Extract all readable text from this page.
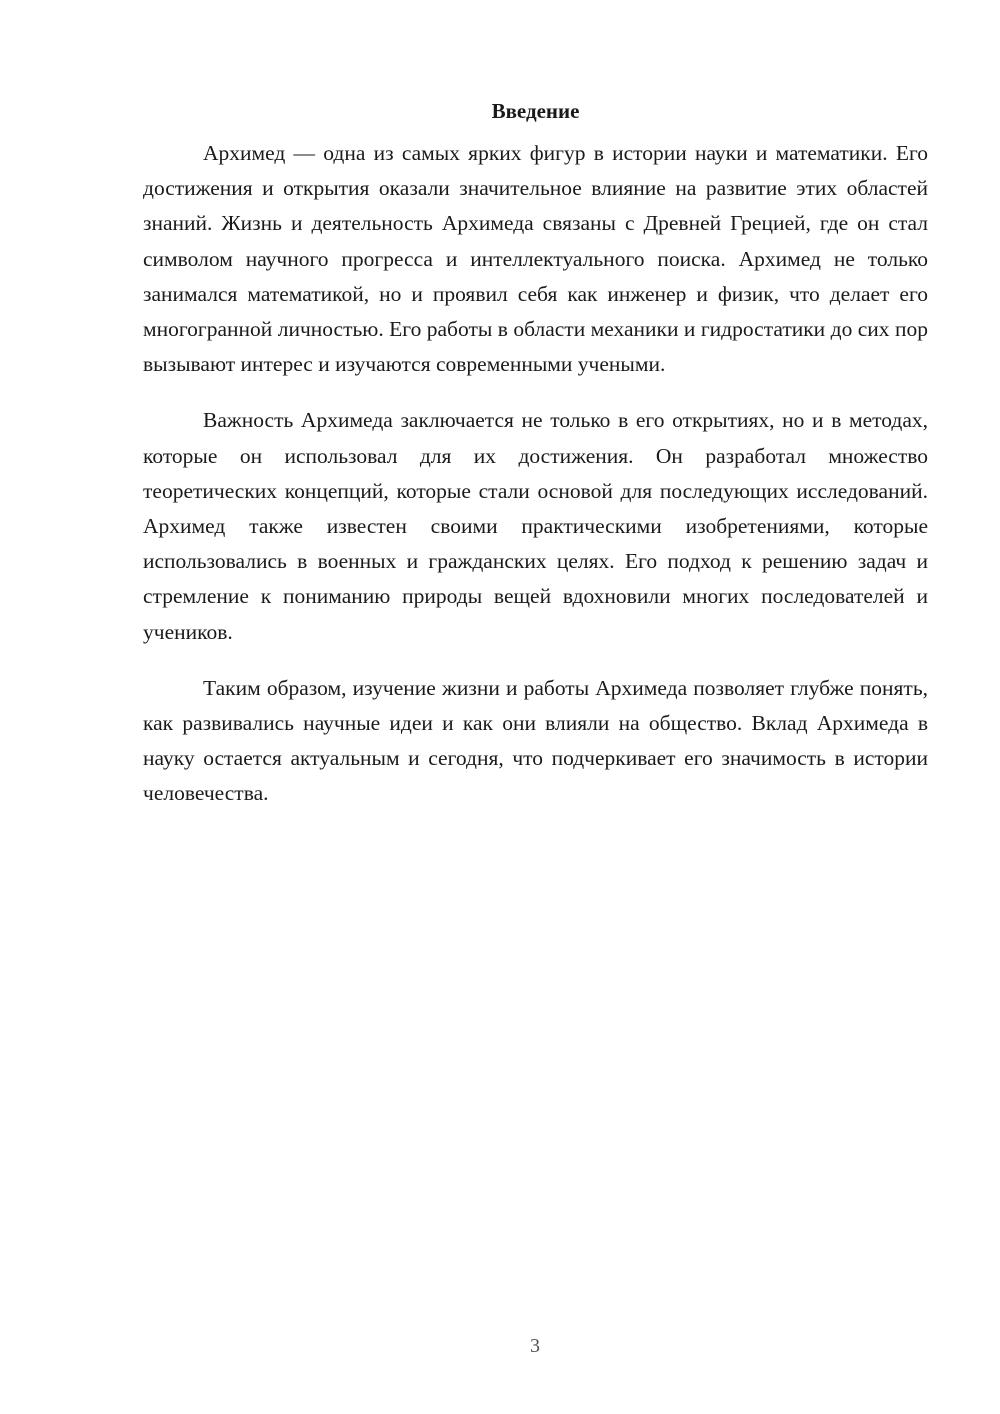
Введение

Архимед — одна из самых ярких фигур в истории науки и математики. Его достижения и открытия оказали значительное влияние на развитие этих областей знаний. Жизнь и деятельность Архимеда связаны с Древней Грецией, где он стал символом научного прогресса и интеллектуального поиска. Архимед не только занимался математикой, но и проявил себя как инженер и физик, что делает его многогранной личностью. Его работы в области механики и гидростатики до сих пор вызывают интерес и изучаются современными учеными.

Важность Архимеда заключается не только в его открытиях, но и в методах, которые он использовал для их достижения. Он разработал множество теоретических концепций, которые стали основой для последующих исследований. Архимед также известен своими практическими изобретениями, которые использовались в военных и гражданских целях. Его подход к решению задач и стремление к пониманию природы вещей вдохновили многих последователей и учеников.

Таким образом, изучение жизни и работы Архимеда позволяет глубже понять, как развивались научные идеи и как они влияли на общество. Вклад Архимеда в науку остается актуальным и сегодня, что подчеркивает его значимость в истории человечества.

3
